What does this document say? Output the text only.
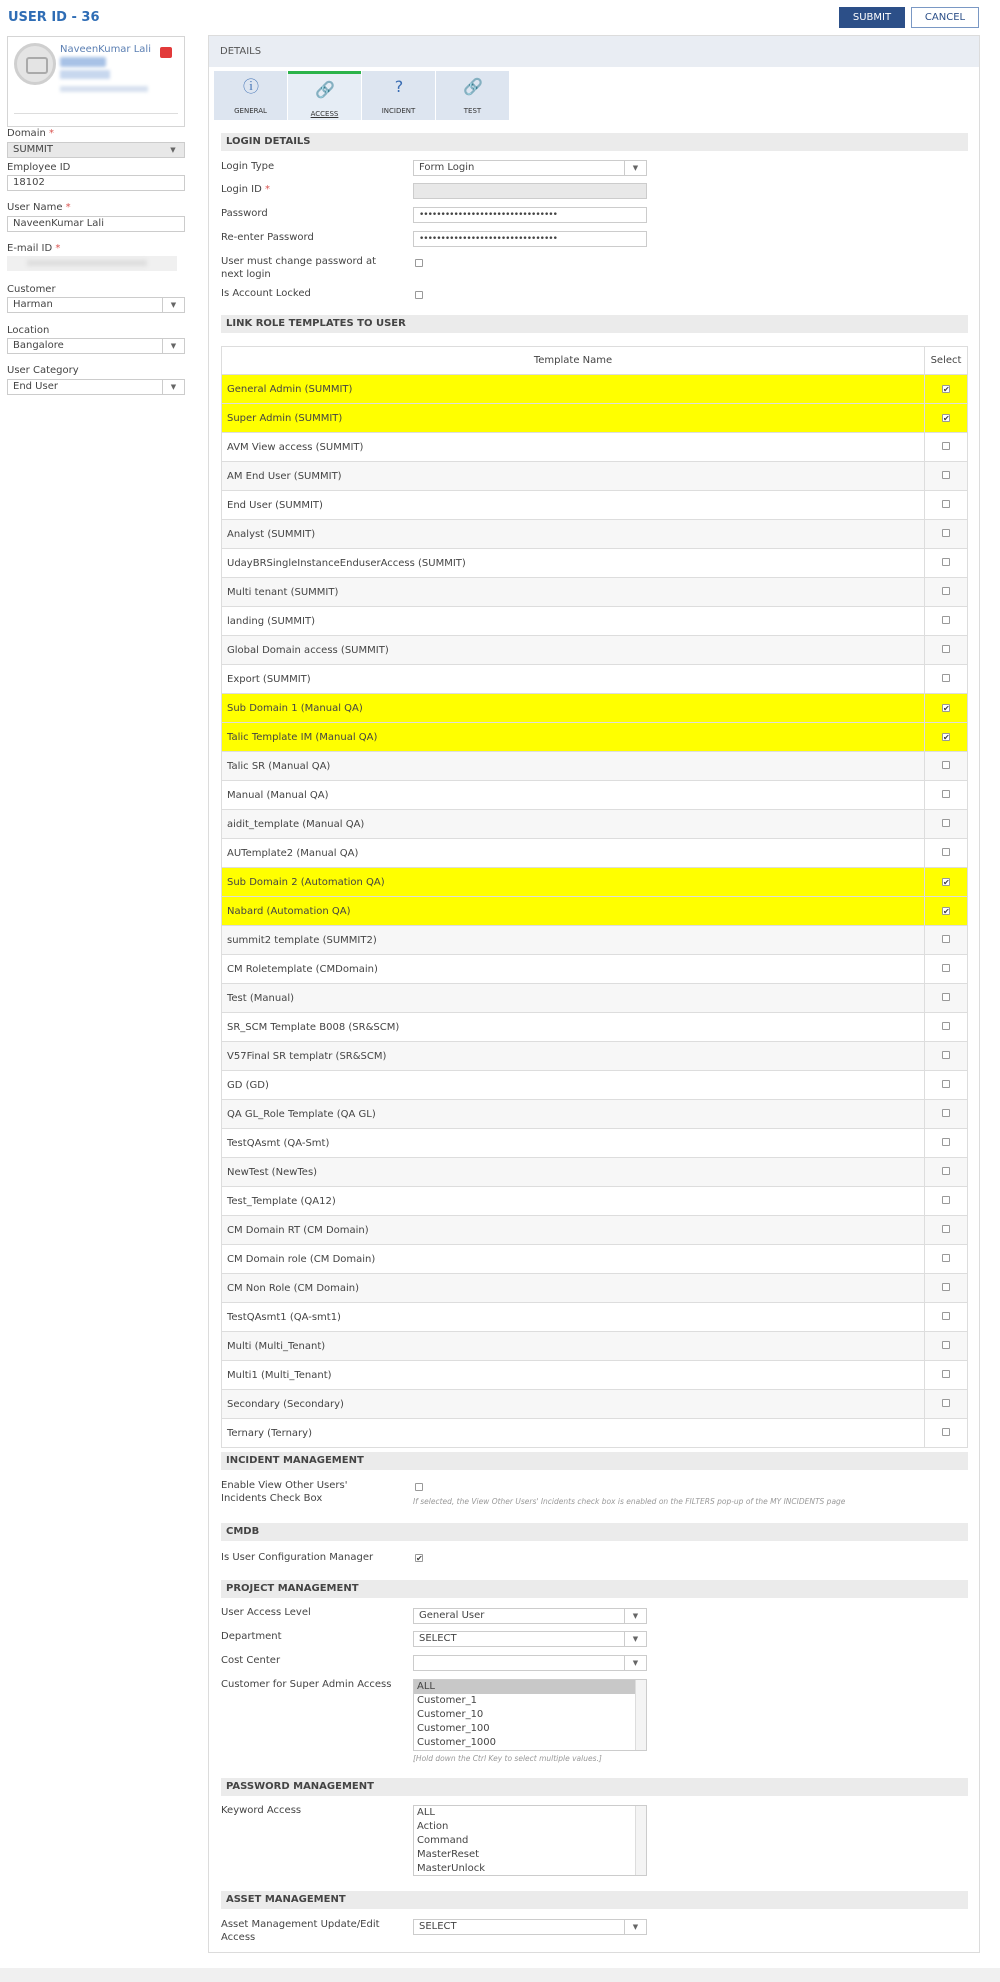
USER ID - 36	SUBMIT	CANCEL
NaveenKumar Lali
Domain *
SUMMIT	▼
Employee ID
18102
User Name *
NaveenKumar Lali
E-mail ID *
Customer
Harman	▼
Location
Bangalore	▼
User Category
End User	▼
DETAILS
ⓘ
GENERAL
🔗
ACCESS
?
INCIDENT
🔗
TEST
LOGIN DETAILS
Login Type	Form Login	▼
Login ID *
Password	••••••••••••••••••••••••••••••••
Re-enter Password	••••••••••••••••••••••••••••••••
User must change password at next login
Is Account Locked
LINK ROLE TEMPLATES TO USER
Template Name	Select
General Admin (SUMMIT)	✔
Super Admin (SUMMIT)	✔
AVM View access (SUMMIT)	
AM End User (SUMMIT)	
End User (SUMMIT)	
Analyst (SUMMIT)	
UdayBRSingleInstanceEnduserAccess (SUMMIT)	
Multi tenant (SUMMIT)	
landing (SUMMIT)	
Global Domain access (SUMMIT)	
Export (SUMMIT)	
Sub Domain 1 (Manual QA)	✔
Talic Template IM (Manual QA)	✔
Talic SR (Manual QA)	
Manual (Manual QA)	
aidit_template (Manual QA)	
AUTemplate2 (Manual QA)	
Sub Domain 2 (Automation QA)	✔
Nabard (Automation QA)	✔
summit2 template (SUMMIT2)	
CM Roletemplate (CMDomain)	
Test (Manual)	
SR_SCM Template B008 (SR&SCM)	
V57Final SR templatr (SR&SCM)	
GD (GD)	
QA GL_Role Template (QA GL)	
TestQAsmt (QA-Smt)	
NewTest (NewTes)	
Test_Template (QA12)	
CM Domain RT (CM Domain)	
CM Domain role (CM Domain)	
CM Non Role (CM Domain)	
TestQAsmt1 (QA-smt1)	
Multi (Multi_Tenant)	
Multi1 (Multi_Tenant)	
Secondary (Secondary)	
Ternary (Ternary)	
INCIDENT MANAGEMENT
Enable View Other Users' Incidents Check Box	If selected, the View Other Users' Incidents check box is enabled on the FILTERS pop-up of the MY INCIDENTS page
CMDB
Is User Configuration Manager	✔
PROJECT MANAGEMENT
User Access Level	General User	▼
Department	SELECT	▼
Cost Center	▼
Customer for Super Admin Access	ALL
Customer_1
Customer_10
Customer_100
Customer_1000
[Hold down the Ctrl Key to select multiple values.]
PASSWORD MANAGEMENT
Keyword Access	ALL
Action
Command
MasterReset
MasterUnlock
ASSET MANAGEMENT
Asset Management Update/Edit Access
SELECT	▼
